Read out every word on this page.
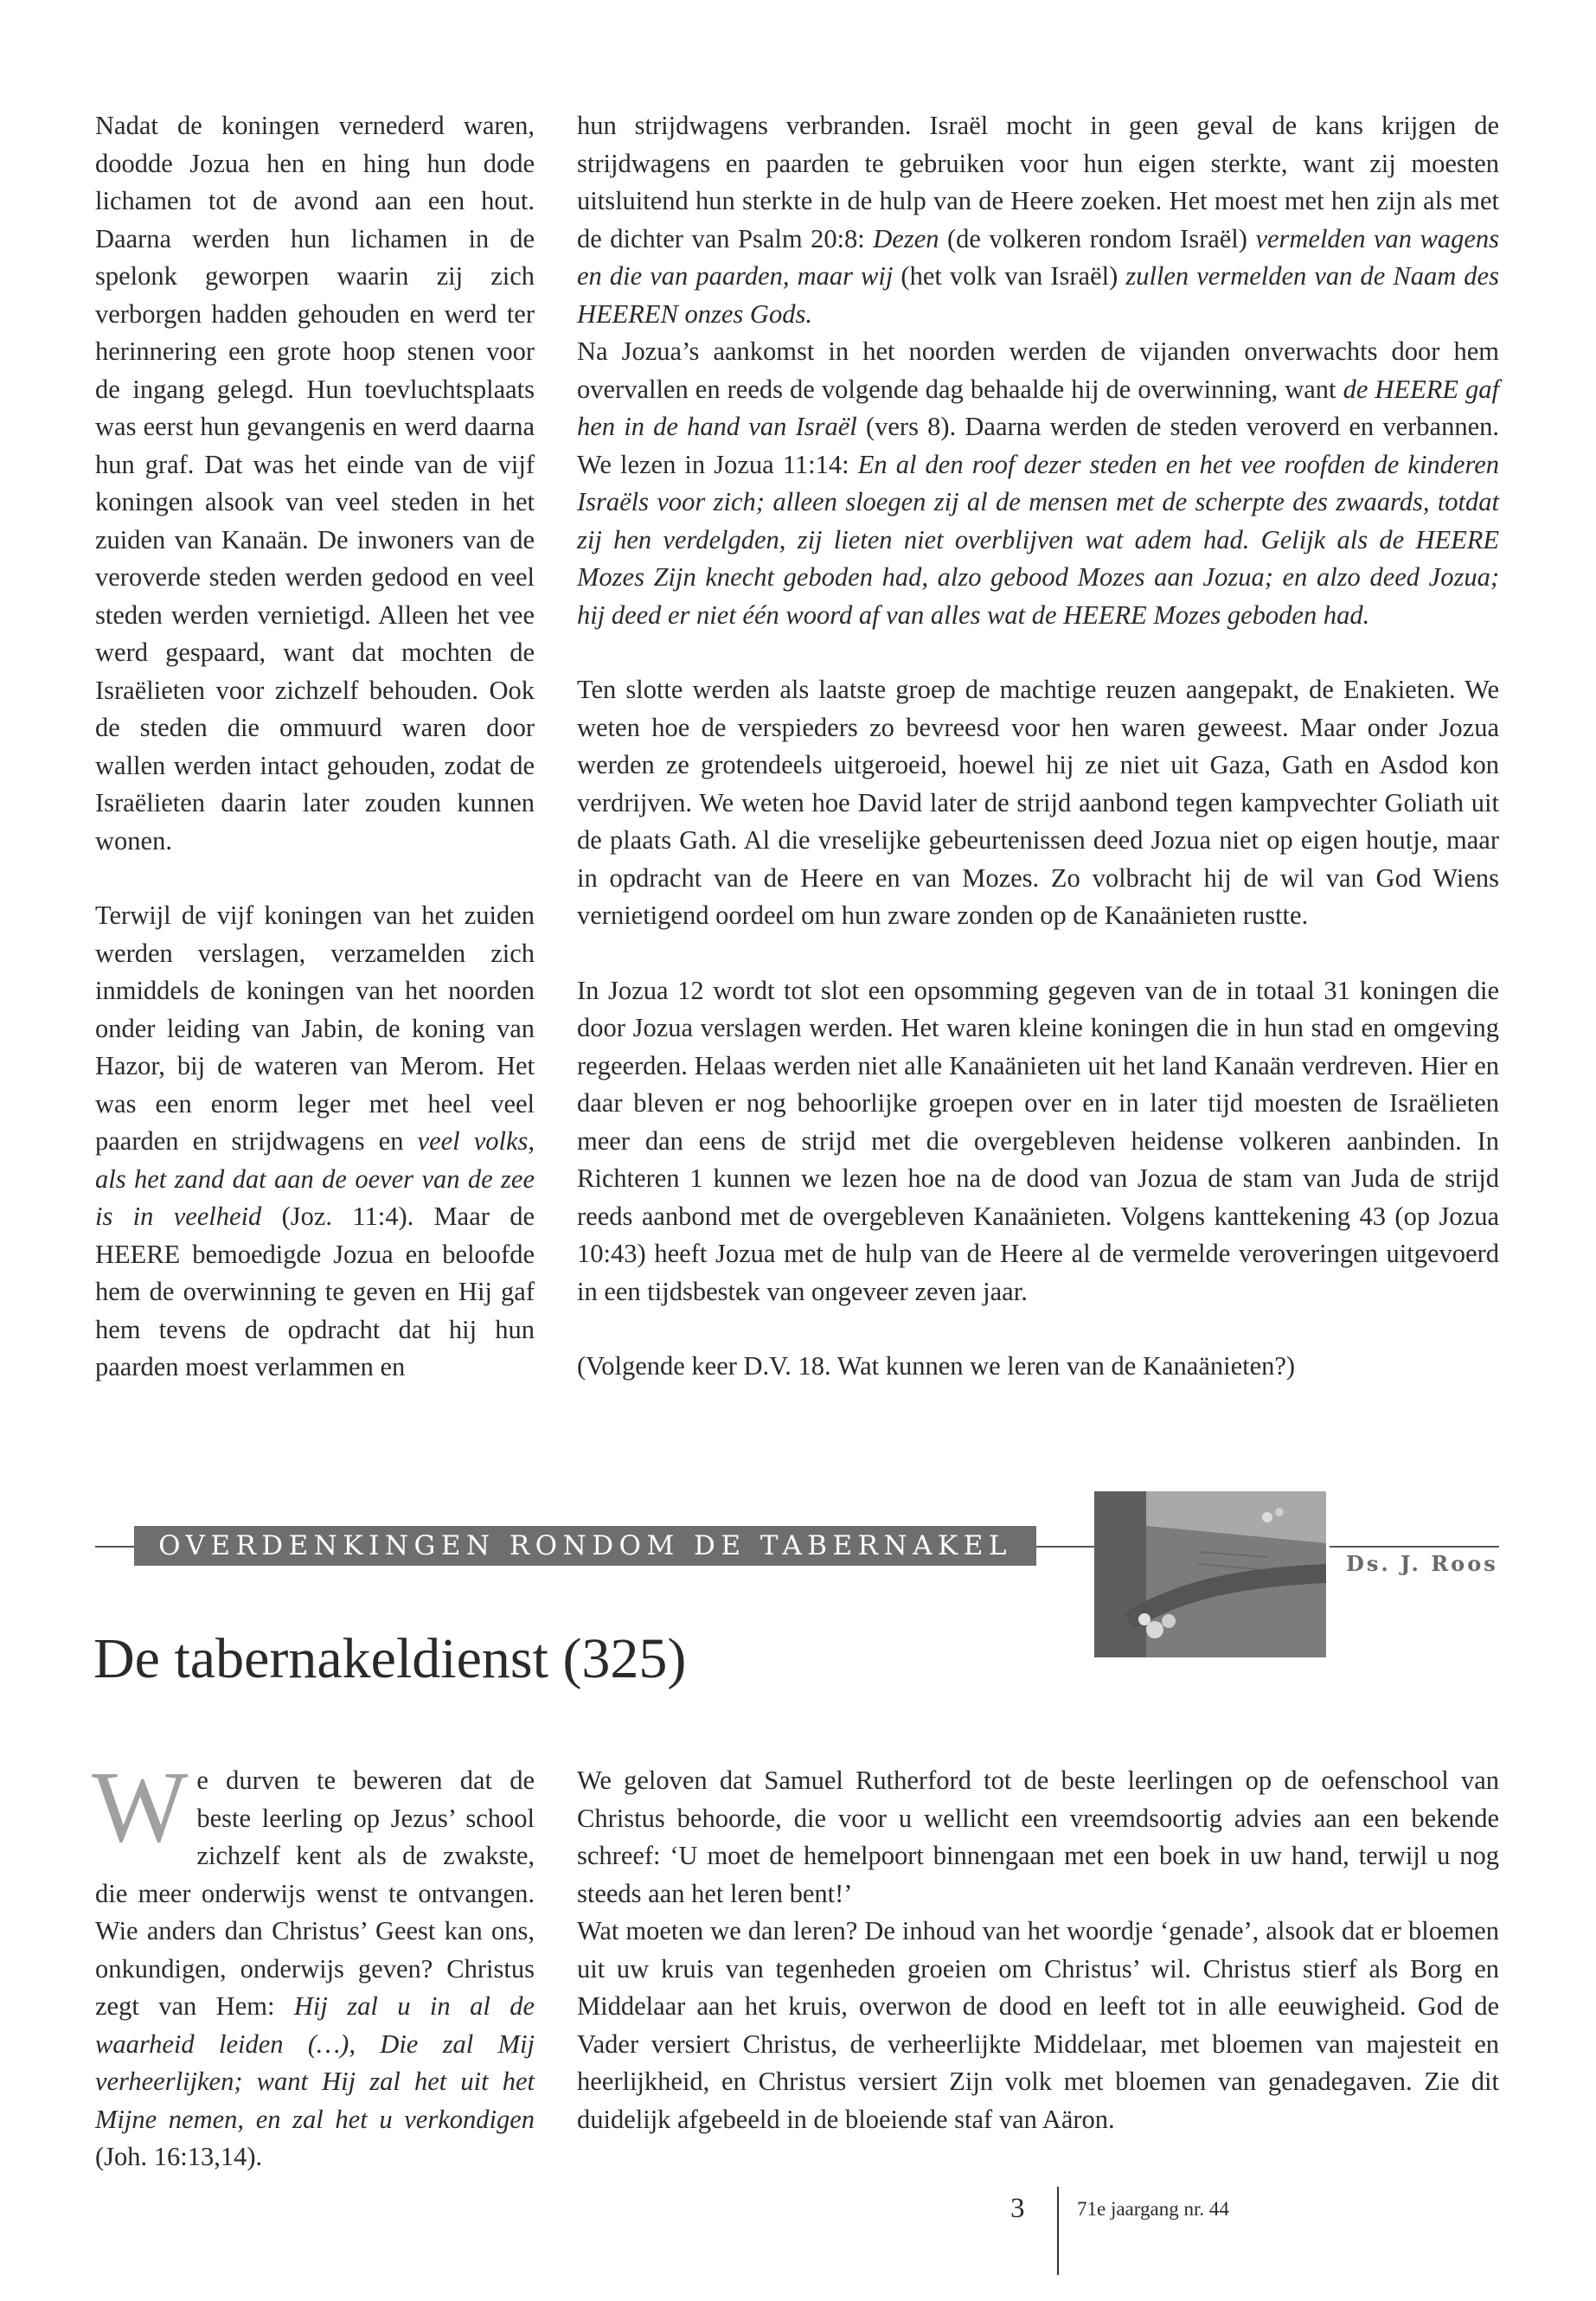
Nadat de koningen vernederd waren, doodde Jozua hen en hing hun dode lichamen tot de avond aan een hout. Daarna werden hun lichamen in de spelonk geworpen waarin zij zich verborgen hadden gehouden en werd ter herinnering een grote hoop stenen voor de ingang gelegd. Hun toevluchtsplaats was eerst hun gevangenis en werd daarna hun graf. Dat was het einde van de vijf koningen alsook van veel steden in het zuiden van Kanaän. De inwoners van de veroverde steden werden gedood en veel steden werden vernietigd. Alleen het vee werd gespaard, want dat mochten de Israëlieten voor zichzelf behouden. Ook de steden die ommuurd waren door wallen werden intact gehouden, zodat de Israëlieten daarin later zouden kunnen wonen.

Terwijl de vijf koningen van het zuiden werden verslagen, verzamelden zich inmiddels de koningen van het noorden onder leiding van Jabin, de koning van Hazor, bij de wateren van Merom. Het was een enorm leger met heel veel paarden en strijdwagens en veel volks, als het zand dat aan de oever van de zee is in veelheid (Joz. 11:4). Maar de HEERE bemoedigde Jozua en beloofde hem de overwinning te geven en Hij gaf hem tevens de opdracht dat hij hun paarden moest verlammen en

hun strijdwagens verbranden. Israël mocht in geen geval de kans krijgen de strijdwagens en paarden te gebruiken voor hun eigen sterkte, want zij moesten uitsluitend hun sterkte in de hulp van de Heere zoeken. Het moest met hen zijn als met de dichter van Psalm 20:8: Dezen (de volkeren rondom Israël) vermelden van wagens en die van paarden, maar wij (het volk van Israël) zullen vermelden van de Naam des HEEREN onzes Gods.

Na Jozua’s aankomst in het noorden werden de vijanden onverwachts door hem overvallen en reeds de volgende dag behaalde hij de overwinning, want de HEERE gaf hen in de hand van Israël (vers 8). Daarna werden de steden veroverd en verbannen. We lezen in Jozua 11:14: En al den roof dezer steden en het vee roofden de kinderen Israëls voor zich; alleen sloegen zij al de mensen met de scherpte des zwaards, totdat zij hen verdelgden, zij lieten niet overblijven wat adem had. Gelijk als de HEERE Mozes Zijn knecht geboden had, alzo gebood Mozes aan Jozua; en alzo deed Jozua; hij deed er niet één woord af van alles wat de HEERE Mozes geboden had.

Ten slotte werden als laatste groep de machtige reuzen aangepakt, de Enakieten. We weten hoe de verspieders zo bevreesd voor hen waren geweest. Maar onder Jozua werden ze grotendeels uitgeroeid, hoewel hij ze niet uit Gaza, Gath en Asdod kon verdrijven. We weten hoe David later de strijd aanbond tegen kampvechter Goliath uit de plaats Gath. Al die vreselijke gebeurtenissen deed Jozua niet op eigen houtje, maar in opdracht van de Heere en van Mozes. Zo volbracht hij de wil van God Wiens vernietigend oordeel om hun zware zonden op de Kanaänieten rustte.

In Jozua 12 wordt tot slot een opsomming gegeven van de in totaal 31 koningen die door Jozua verslagen werden. Het waren kleine koningen die in hun stad en omgeving regeerden. Helaas werden niet alle Kanaänieten uit het land Kanaän verdreven. Hier en daar bleven er nog behoorlijke groepen over en in later tijd moesten de Israëlieten meer dan eens de strijd met die overgebleven heidense volkeren aanbinden. In Richteren 1 kunnen we lezen hoe na de dood van Jozua de stam van Juda de strijd reeds aanbond met de overgebleven Kanaänieten. Volgens kanttekening 43 (op Jozua 10:43) heeft Jozua met de hulp van de Heere al de vermelde veroveringen uitgevoerd in een tijdsbestek van ongeveer zeven jaar.

(Volgende keer D.V. 18. Wat kunnen we leren van de Kanaänieten?)

OVERDENKINGEN RONDOM DE TABERNAKEL
Ds. J. Roos
De tabernakeldienst (325)

We durven te beweren dat de beste leerling op Jezus’ school zichzelf kent als de zwakste, die meer onderwijs wenst te ontvangen. Wie anders dan Christus’ Geest kan ons, onkundigen, onderwijs geven? Christus zegt van Hem: Hij zal u in al de waarheid leiden (…), Die zal Mij verheerlijken; want Hij zal het uit het Mijne nemen, en zal het u verkondigen (Joh. 16:13,14).

We geloven dat Samuel Rutherford tot de beste leerlingen op de oefenschool van Christus behoorde, die voor u wellicht een vreemdsoortig advies aan een bekende schreef: ‘U moet de hemelpoort binnengaan met een boek in uw hand, terwijl u nog steeds aan het leren bent!’

Wat moeten we dan leren? De inhoud van het woordje ‘genade’, alsook dat er bloemen uit uw kruis van tegenheden groeien om Christus’ wil. Christus stierf als Borg en Middelaar aan het kruis, overwon de dood en leeft tot in alle eeuwigheid. God de Vader versiert Christus, de verheerlijkte Middelaar, met bloemen van majesteit en heerlijkheid, en Christus versiert Zijn volk met bloemen van genadegaven. Zie dit duidelijk afgebeeld in de bloeiende staf van Aäron.

3	71e jaargang nr. 44
